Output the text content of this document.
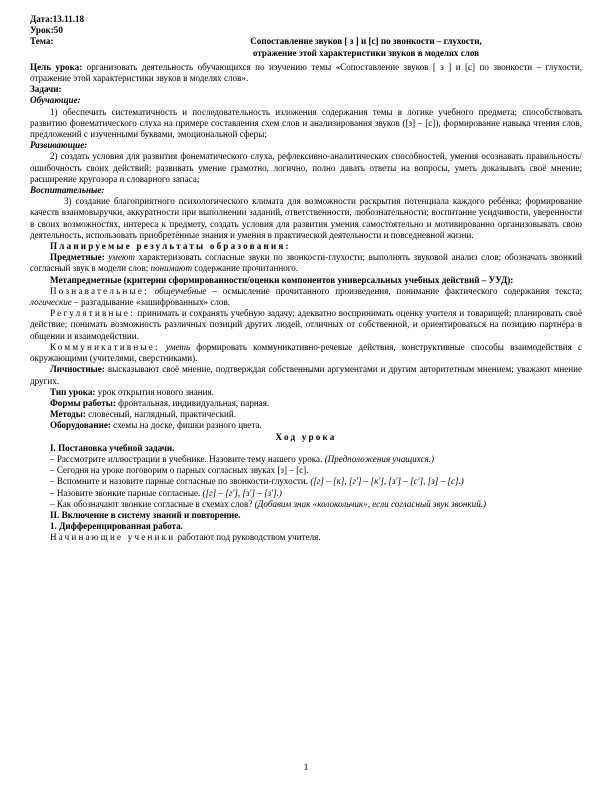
Дата:13.11.18

Урок:50

Тема:	Сопоставление звуков [ з ] и [с] по звонкости – глухости,

отражение этой характеристики звуков в моделях слов

Цель урока: организовать деятельность обучающихся по изучению темы «Сопоставление звуков [ з ] и [с] по звонкости – глухости, отражение этой характеристики звуков в моделях слов».

Задачи:

Обучающие:

1) обеспечить систематичность и последовательность изложения содержания темы в логике учебного предмета; способствовать развитию фонематического слуха на примере составления схем слов и анализирования звуков ([з] – [с]), формирование навыка чтения слов, предложений с изученными буквами, эмоциональной сферы;

Развивающие:

2) создать условия для развития фонематического слуха, рефлексивно-аналитических способностей, умения осознавать правильность/ошибочность своих действий; развивать умение грамотно, логично, полно давать ответы на вопросы, уметь доказывать своё мнение; расширение кругозора и словарного запаса;

Воспитательные:

3) создание благоприятного психологического климата для возможности раскрытия потенциала каждого ребёнка; формирование качеств взаимовыручки, аккуратности при выполнении заданий, ответственности, любознательности; воспитание усидчивости, уверенности в своих возможностях, интереса к предмету, создать условия для развития умения самостоятельно и мотивированно организовывать свою деятельность, использовать приобретённые знания и умения в практической деятельности и повседневной жизни.

Планируемые результаты образования:

Предметные: умеют характеризовать согласные звуки по звонкости-глухости; выполнять звуковой анализ слов; обозначать звонкий согласный звук в модели слов; понимают содержание прочитанного.

Метапредметные (критерии сформированности/оценки компонентов универсальных учебных действий – УУД):

Познавательные: общеучебные – осмысление прочитанного произведения, понимание фактического содержания текста; логические – разгадывание «зашифрованных» слов.

Регулятивные: принимать и сохранять учебную задачу; адекватно воспринимать оценку учителя и товарищей; планировать своё действие; понимать возможность различных позиций других людей, отличных от собственной, и ориентироваться на позицию партнёра в общении и взаимодействии.

Коммуникативные: уметь формировать коммуникативно-речевые действия, конструктивные способы взаимодействия с окружающими (учителями, сверстниками).

Личностные: высказывают своё мнение, подтверждая собственными аргументами и другим авторитетным мнением; уважают мнение других.

Тип урока: урок открытия нового знания.

Формы работы: фронтальная, индивидуальная, парная.

Методы: словесный, наглядный, практический.

Оборудование: схемы на доске, фишки разного цвета.

Ход урока

I. Постановка учебной задачи.

– Рассмотрите иллюстрации в учебнике. Назовите тему нашего урока. (Предположения учащихся.)

– Сегодня на уроке поговорим о парных согласных звуках [з] – [с].

– Вспомните и назовите парные согласные по звонкости-глухости. ([г] – [к], [г'] – [к'], [з'] – [с'], [з] – [с].)

– Назовите звонкие парные согласные. ([г] – [г'], [з'] – [з'].)

– Как обозначают звонкие согласные в схемах слов? (Добавим знак «колокольчик», если согласный звук звонкий.)

II. Включение в систему знаний и повторение.

1. Дифференцированная работа.

Начинающие ученики работают под руководством учителя.

1
